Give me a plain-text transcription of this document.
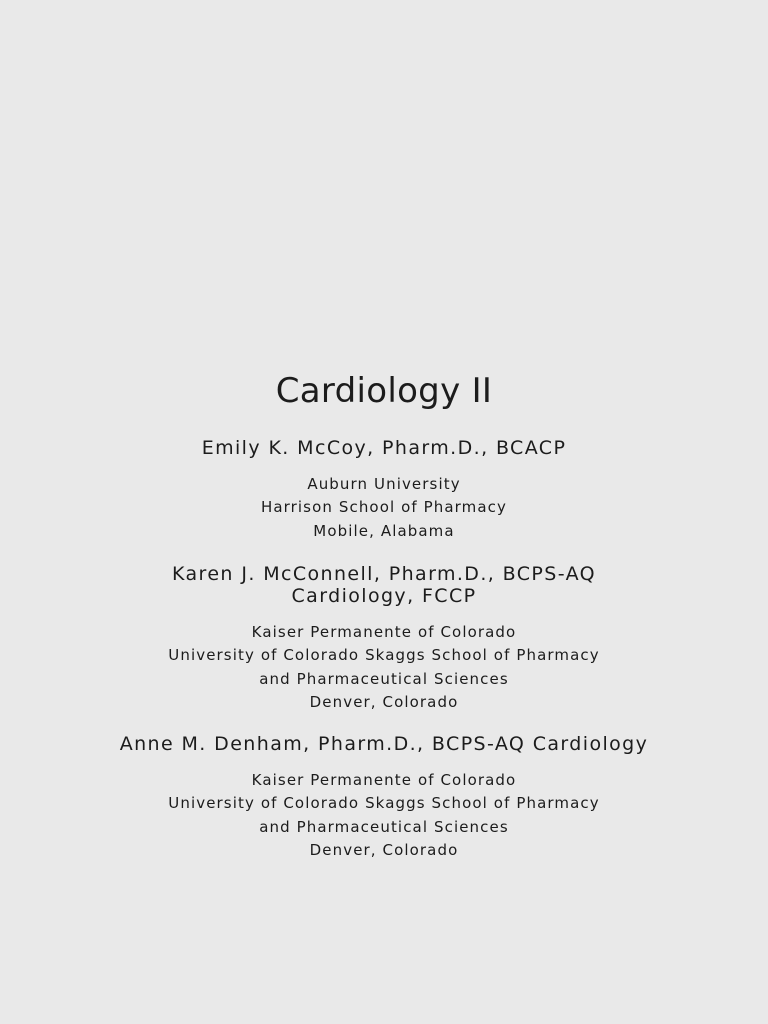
Cardiology II
Emily K. McCoy, Pharm.D., BCACP
Auburn University
Harrison School of Pharmacy
Mobile, Alabama
Karen J. McConnell, Pharm.D., BCPS-AQ
Cardiology, FCCP
Kaiser Permanente of Colorado
University of Colorado Skaggs School of Pharmacy
and Pharmaceutical Sciences
Denver, Colorado
Anne M. Denham, Pharm.D., BCPS-AQ Cardiology
Kaiser Permanente of Colorado
University of Colorado Skaggs School of Pharmacy
and Pharmaceutical Sciences
Denver, Colorado
